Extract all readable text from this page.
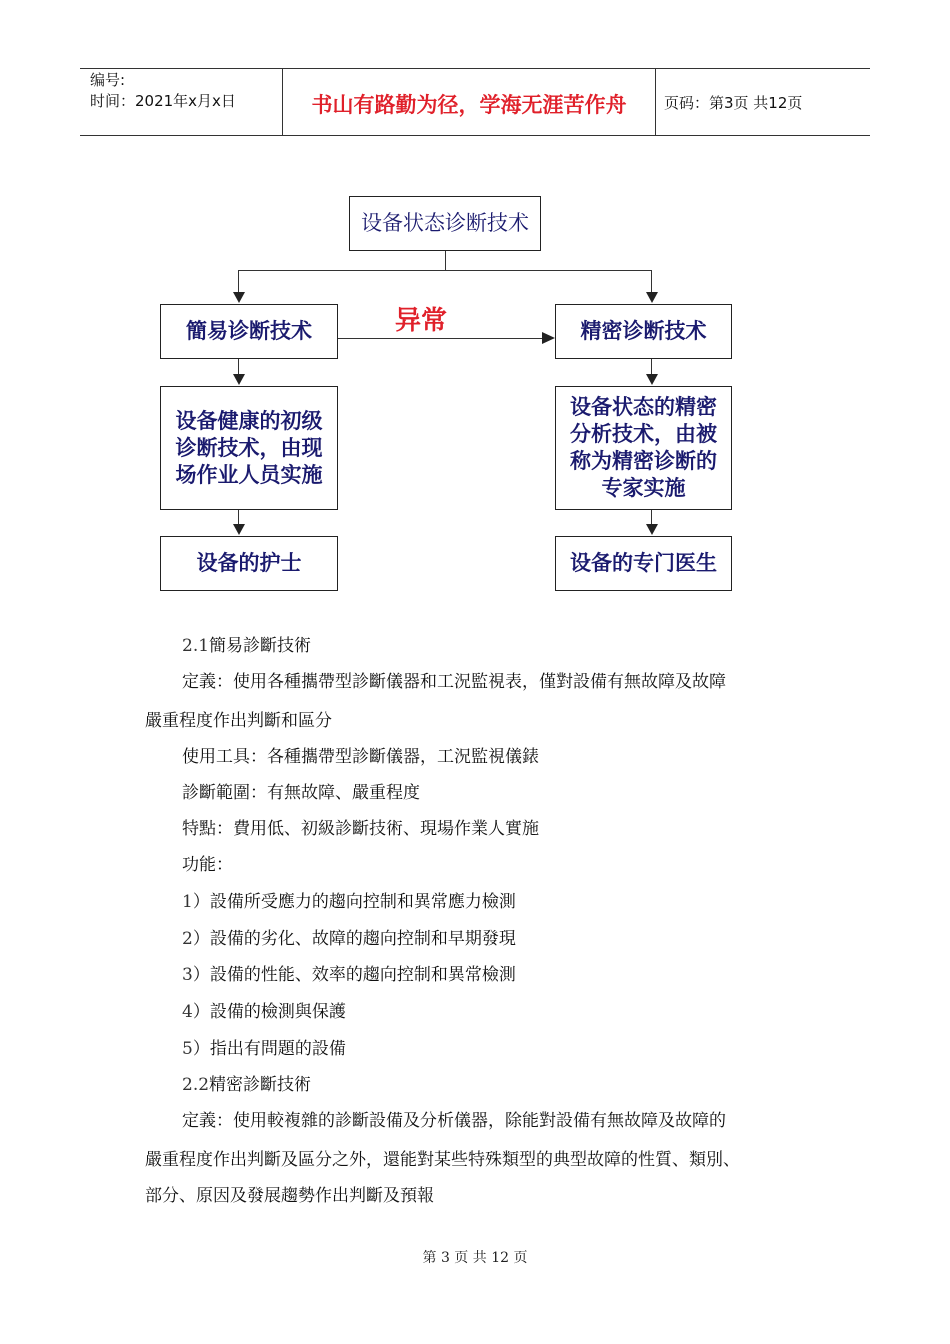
编号:
时间：2021年x月x日	书山有路勤为径，学海无涯苦作舟	页码：第3页 共12页
设备状态诊断技术
簡易诊断技术	精密诊断技术
异常
设备健康的初级
诊断技术，由现
场作业人员实施
设备状态的精密
分析技术，由被
称为精密诊断的
专家实施
设备的护士	设备的专门医生
2.1簡易診斷技術
定義：使用各種攜帶型診斷儀器和工況監視表，僅對設備有無故障及故障
嚴重程度作出判斷和區分
使用工具：各種攜帶型診斷儀器，工況監視儀錶
診斷範圍：有無故障、嚴重程度
特點：費用低、初級診斷技術、現場作業人實施
功能：
1）設備所受應力的趨向控制和異常應力檢測
2）設備的劣化、故障的趨向控制和早期發現
3）設備的性能、效率的趨向控制和異常檢測
4）設備的檢測與保護
5）指出有問題的設備
2.2精密診斷技術
定義：使用較複雜的診斷設備及分析儀器，除能對設備有無故障及故障的
嚴重程度作出判斷及區分之外，還能對某些特殊類型的典型故障的性質、類別、
部分、原因及發展趨勢作出判斷及預報
第 3 页 共 12 页
